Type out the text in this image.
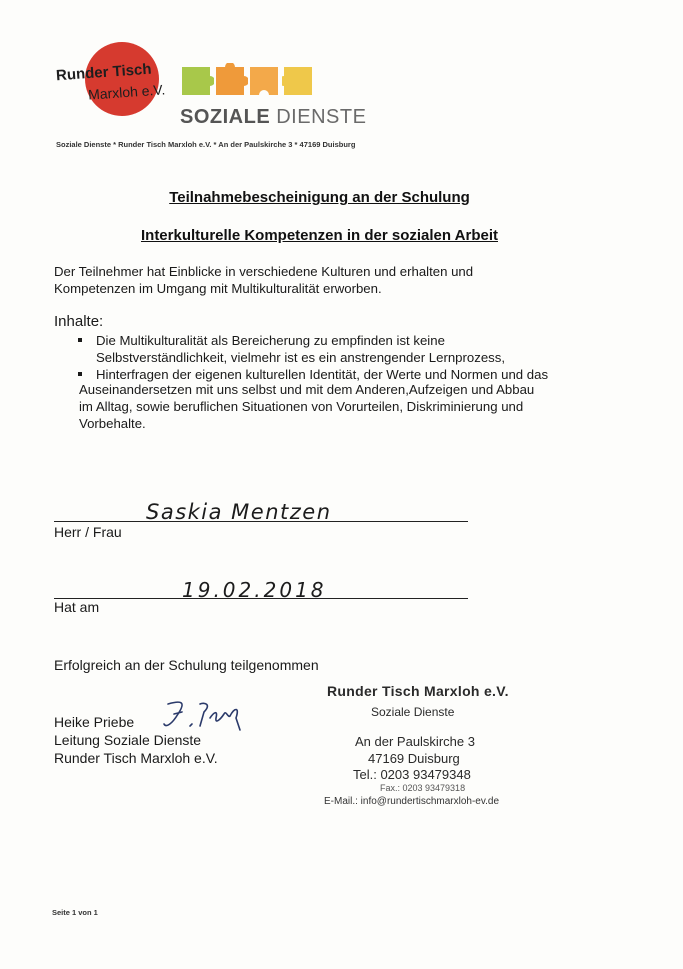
Runder Tisch
Marxloh e.V.
SOZIALE DIENSTE
Soziale Dienste * Runder Tisch Marxloh e.V. * An der Paulskirche 3 * 47169 Duisburg
Teilnahmebescheinigung an der Schulung
Interkulturelle Kompetenzen in der sozialen Arbeit
Der Teilnehmer hat Einblicke in verschiedene Kulturen und erhalten und
Kompetenzen im Umgang mit Multikulturalität erworben.
Inhalte:
Die Multikulturalität als Bereicherung zu empfinden ist keine
Selbstverständlichkeit, vielmehr ist es ein anstrengender Lernprozess,
Hinterfragen der eigenen kulturellen Identität, der Werte und Normen und das
Auseinandersetzen mit uns selbst und mit dem Anderen,Aufzeigen und Abbau
im Alltag, sowie beruflichen Situationen von Vorurteilen, Diskriminierung und
Vorbehalte.
Saskia Mentzen
Herr / Frau
19.02.2018
Hat am
Erfolgreich an der Schulung teilgenommen
Heike Priebe
Leitung Soziale Dienste
Runder Tisch Marxloh e.V.
Runder Tisch Marxloh e.V.
Soziale Dienste
An der Paulskirche 3
47169 Duisburg
Tel.: 0203 93479348
Fax.: 0203 93479318
E-Mail.: info@rundertischmarxloh-ev.de
Seite 1 von 1
